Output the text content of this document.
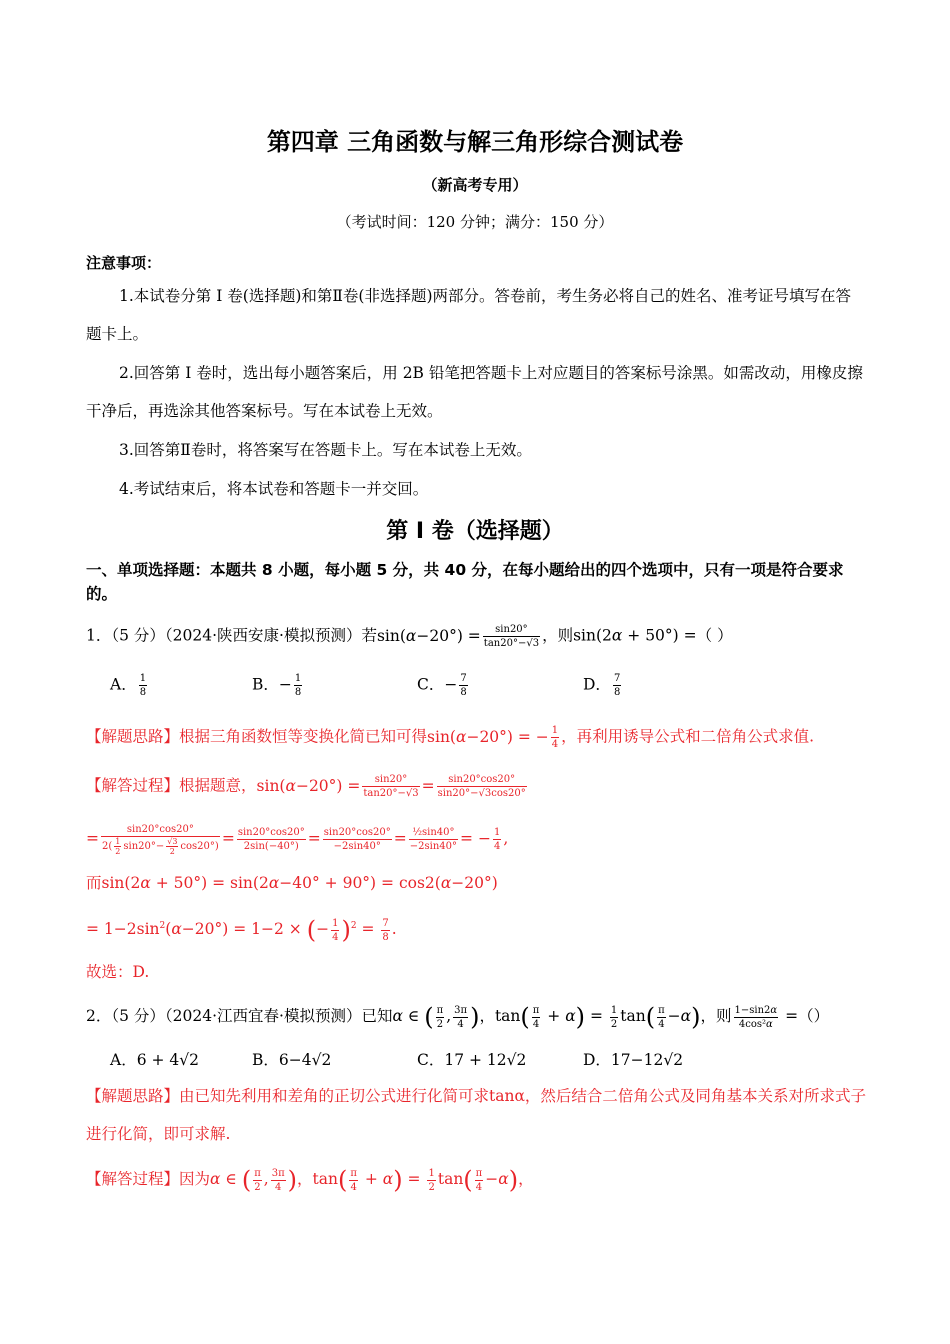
第四章 三角函数与解三角形综合测试卷
（新高考专用）
（考试时间：120 分钟；满分：150 分）
注意事项：
1.本试卷分第 I 卷(选择题)和第Ⅱ卷(非选择题)两部分。答卷前，考生务必将自己的姓名、准考证号填写在答题卡上。
2.回答第 I 卷时，选出每小题答案后，用 2B 铅笔把答题卡上对应题目的答案标号涂黑。如需改动，用橡皮擦干净后，再选涂其他答案标号。写在本试卷上无效。
3.回答第Ⅱ卷时，将答案写在答题卡上。写在本试卷上无效。
4.考试结束后，将本试卷和答题卡一并交回。
第 I 卷（选择题）
一、单项选择题：本题共 8 小题，每小题 5 分，共 40 分，在每小题给出的四个选项中，只有一项是符合要求的。
1．（5 分）（2024·陕西安康·模拟预测）若$\sin(\alpha-20^\circ) = \frac{\sin 20^\circ}{\tan 20^\circ-√3}$ ，则sin(2α + 50°) =（ ）
A． $\frac{1}{8}$	B．− $\frac{1}{8}$	C．− $\frac{7}{8}$	D． $\frac{7}{8}$
【解题思路】根据三角函数恒等变换化简已知可得sin(α−20°) = − $\frac{1}{4}$ ，再利用诱导公式和二倍角公式求值.
【解答过程】根据题意，$\sin(\alpha-20^\circ) = \frac{\sin 20^\circ}{\tan 20^\circ-√3} = \frac{\sin 20^\circ\cos 20^\circ}{\sin 20^\circ-√3\cos 20^\circ}$
= $\frac{\sin 20^\circ\cos 20^\circ}{2( \frac{1}{2} \sin 20^\circ- \frac{√3}{2} \cos 20^\circ)} = \frac{\sin 20^\circ\cos 20^\circ}{2\sin(-40^\circ)} = \frac{\sin 20^\circ\cos 20^\circ}{-2\sin 40^\circ} = \frac{\text{½sin40°}}{-2\sin 40^\circ}$ = − $\frac{1}{4}$ ,
而sin(2α + 50°) = sin(2α−40° + 90°) = cos2(α−20°)
= $1-2\sin^2(\alpha-20^\circ) = 1-2$ × (− $\frac{1}{4} )^2 = \frac{7}{8}$ .
故选：D.
2．（5 分）（2024·江西宜春·模拟预测）已知α ∈ ( $\frac{\pi}{2}$ , $\frac{3\pi}{4}$ )，$\tan( \frac{\pi}{4} + \alpha) = \frac{1}{2} \tan( \frac{\pi}{4} -\alpha)$，则 $\frac{1-\sin 2\alpha}{\text{4cos²α}}$ =（）
A．6 + 4√2	B．6−4√2	C．17 + 12√2	D．17−12√2
【解题思路】由已知先利用和差角的正切公式进行化简可求tanα，然后结合二倍角公式及同角基本关系对所求式子进行化简，即可求解.
【解答过程】因为α ∈ ( $\frac{\pi}{2}$ , $\frac{3\pi}{4}$ )，$\tan( \frac{\pi}{4} + \alpha) = \frac{1}{2} \tan( \frac{\pi}{4} -\alpha)$，
